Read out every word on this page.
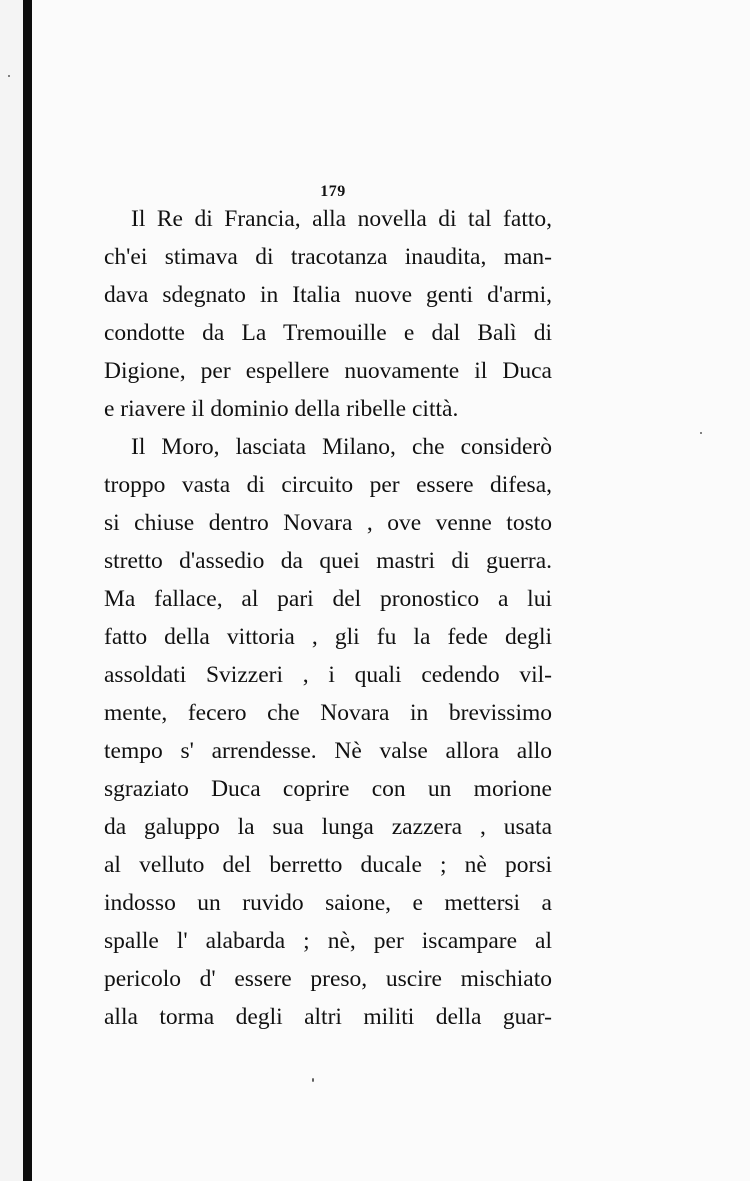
179
Il Re di Francia, alla novella di tal fatto,
ch'ei stimava di tracotanza inaudita, man-
dava sdegnato in Italia nuove genti d'armi,
condotte da La Tremouille e dal Balì di
Digione, per espellere nuovamente il Duca
e riavere il dominio della ribelle città.
Il Moro, lasciata Milano, che considerò
troppo vasta di circuito per essere difesa,
si chiuse dentro Novara , ove venne tosto
stretto d'assedio da quei mastri di guerra.
Ma fallace, al pari del pronostico a lui
fatto della vittoria , gli fu la fede degli
assoldati Svizzeri , i quali cedendo vil-
mente, fecero che Novara in brevissimo
tempo s' arrendesse. Nè valse allora allo
sgraziato Duca coprire con un morione
da galuppo la sua lunga zazzera , usata
al velluto del berretto ducale ; nè porsi
indosso un ruvido saione, e mettersi a
spalle l' alabarda ; nè, per iscampare al
pericolo d' essere preso, uscire mischiato
alla torma degli altri militi della guar-
